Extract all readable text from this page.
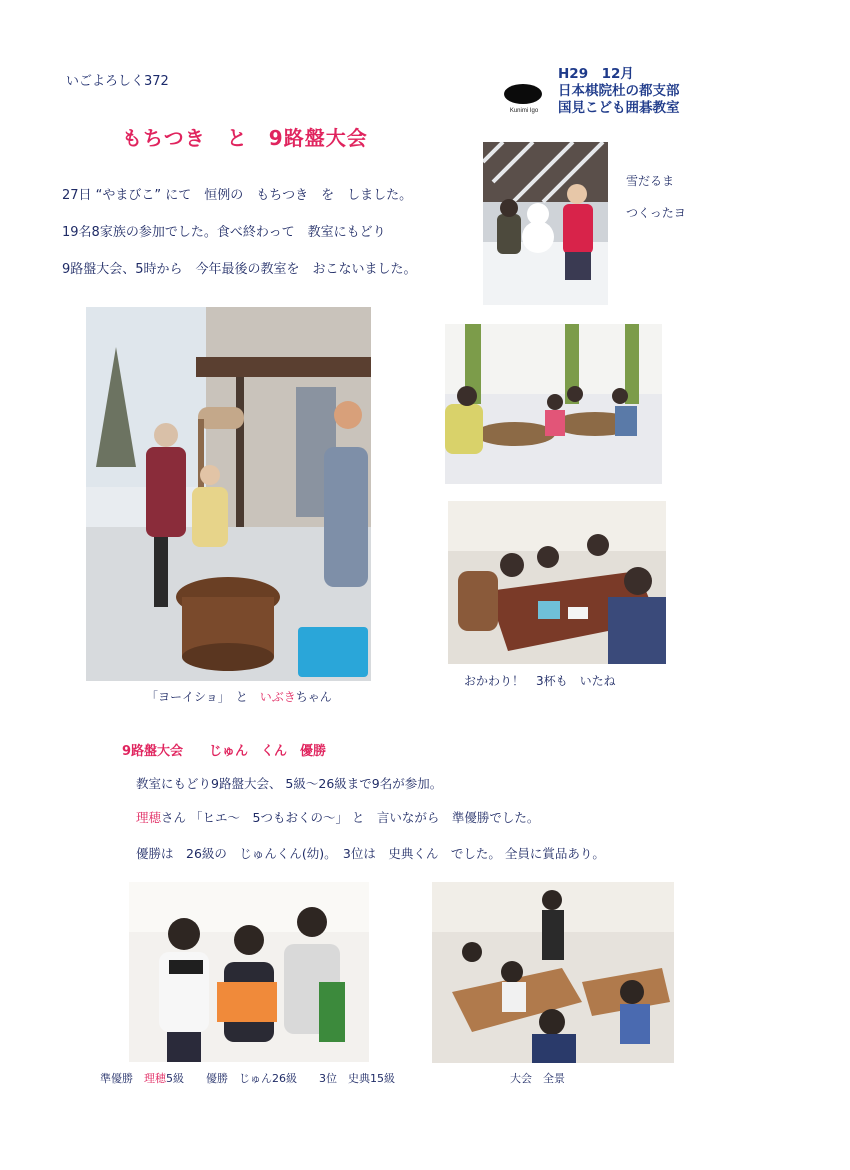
いごよろしく372
Kunimi Igo
H29　12月
日本棋院杜の都支部
国見こども囲碁教室
もちつき　と　9路盤大会
27日 “やまびこ” にて　恒例の　もちつき　を　しました。
19名8家族の参加でした。食べ終わって　教室にもどり
9路盤大会、5時から　今年最後の教室を　おこないました。
雪だるま
つくったヨ
「ヨーイショ」　と　いぶきちゃん
おかわり！　3杯も　いたね
9路盤大会　　じゅん　くん　優勝
教室にもどり9路盤大会、 5級～26級まで9名が参加。
理穂さん 「ヒエ～　5つもおくの～」 と　言いながら　準優勝でした。
優勝は　26級の　じゅんくん(幼)。　3位は　史典くん　でした。 全員に賞品あり。
準優勝　理穂5級　　優勝　じゅん26級　　3位　史典15級	大会　全景
